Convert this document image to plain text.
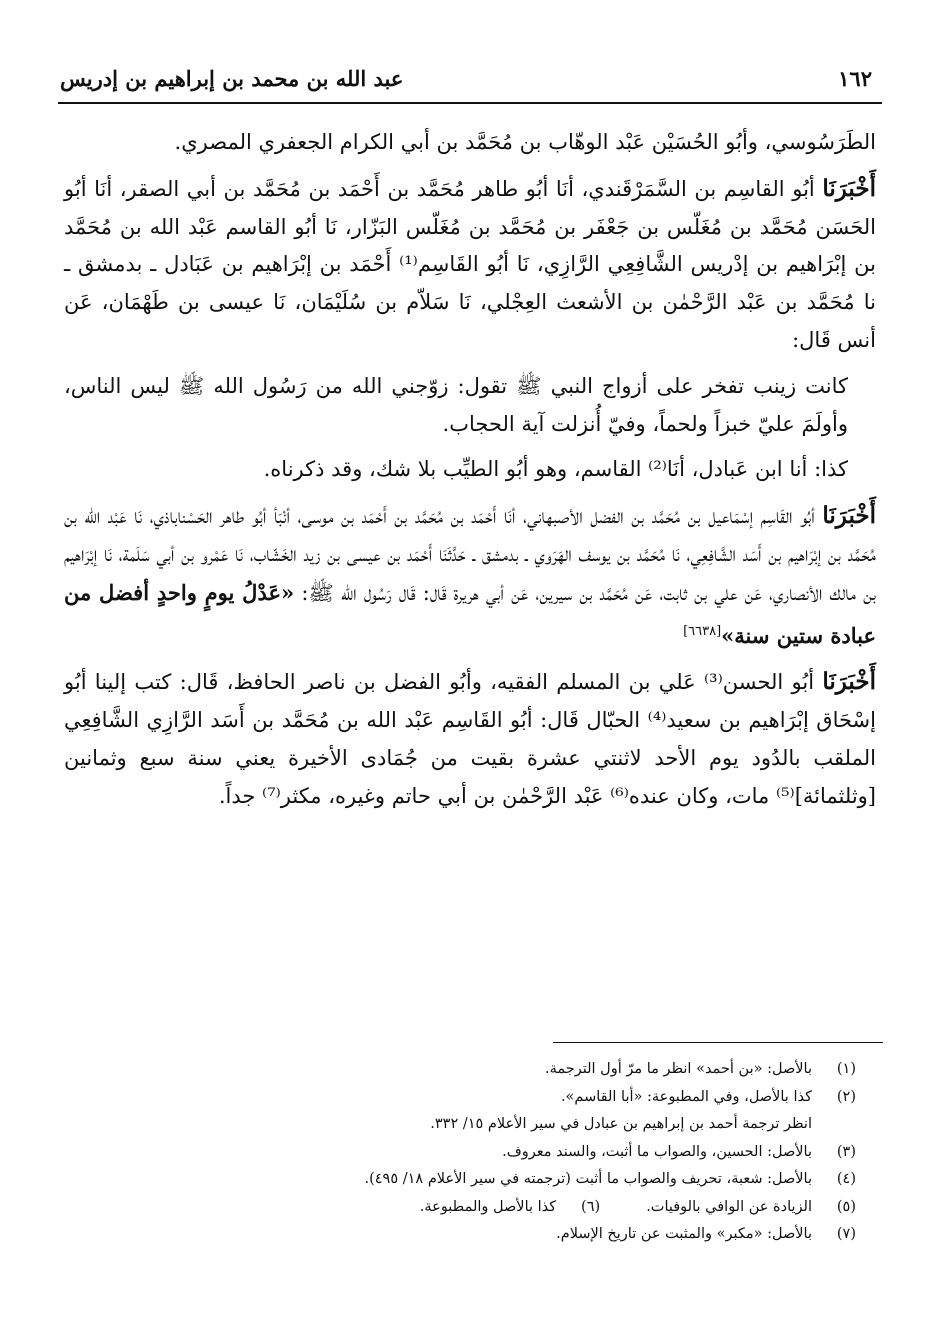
١٦٢
عبد الله بن محمد بن إبراهيم بن إدريس

الطَرَسُوسي، وأبُو الحُسَيْن عَبْد الوهّاب بن مُحَمَّد بن أبي الكرام الجعفري المصري.

أَخْبَرَنَا أبُو القاسِم بن السَّمَرْقَندي، أنَا أبُو طاهر مُحَمَّد بن أَحْمَد بن مُحَمَّد بن أبي الصقر، أنَا أبُو الحَسَن مُحَمَّد بن مُغَلّس بن جَعْفَر بن مُحَمَّد بن مُغَلّس البَزّار، نَا أبُو القاسم عَبْد الله بن مُحَمَّد بن إبْرَاهيم بن إدْريس الشَّافِعِي الرَّازِي، نَا أبُو القَاسِم⁽¹⁾ أَحْمَد بن إبْرَاهيم بن عَبَادل ـ بدمشق ـ نا مُحَمَّد بن عَبْد الرَّحْمٰن بن الأشعث العِجْلي، نَا سَلاّم بن سُلَيْمَان، نَا عيسى بن طَهْمَان، عَن أنس قَال:

كانت زينب تفخر على أزواج النبي ﷺ تقول: زوّجني الله من رَسُول الله ﷺ ليس الناس، وأولَمَ عليّ خبزاً ولحماً، وفيّ أُنزلت آية الحجاب.

كذا: أنا ابن عَبادل، أنَا⁽²⁾ القاسم، وهو أبُو الطيِّب بلا شك، وقد ذكرناه.

أَخْبَرَنَا أبُو القَاسِم إسْمَاعيل بن مُحَمَّد بن الفضل الأصبهاني، أنَا أَحْمَد بن مُحَمَّد بن أَحْمَد بن موسى، أنْبَأ أبُو طاهر الحَسْناباذي، نَا عَبْد الله بن مُحَمَّد بن إبْرَاهيم بن أَسَد الشَّافِعِي، نَا مُحَمَّد بن يوسف الهَرَوي ـ بدمشق ـ حَدَّثَنَا أَحْمَد بن عيسى بن زيد الخَشّاب، نَا عَمْرو بن أبي سَلَمة، نَا إبْرَاهيم بن مالك الأنصاري، عَن علي بن ثابت، عَن مُحَمَّد بن سيرين، عَن أبي هريرة قَال: قَال رَسُول الله ﷺ: «عَدْلُ يومٍ واحدٍ أفضل من عبادة ستين سنة»[٦٦٣٨]

أَخْبَرَنَا أبُو الحسن⁽³⁾ عَلي بن المسلم الفقيه، وأبُو الفضل بن ناصر الحافظ، قَال: كتب إلينا أبُو إسْحَاق إبْرَاهيم بن سعيد⁽⁴⁾ الحبّال قَال: أبُو القَاسِم عَبْد الله بن مُحَمَّد بن أَسَد الرَّازِي الشَّافِعِي الملقب بالدُود يوم الأحد لاثنتي عشرة بقيت من جُمَادى الأخيرة يعني سنة سبع وثمانين [وثلثمائة]⁽⁵⁾ مات، وكان عنده⁽⁶⁾ عَبْد الرَّحْمٰن بن أبي حاتم وغيره، مكثر⁽⁷⁾ جداً.

(١)
بالأصل: «بن أحمد» انظر ما مرّ أول الترجمة.
(٢)
كذا بالأصل، وفي المطبوعة: «أبا القاسم».
انظر ترجمة أحمد بن إبراهيم بن عبادل في سير الأعلام ١٥/ ٣٣٢.
(٣)
بالأصل: الحسين، والصواب ما أثبت، والسند معروف.
(٤)
بالأصل: شعبة، تحريف والصواب ما أثبت (ترجمته في سير الأعلام ١٨/ ٤٩٥).
(٥)
الزيادة عن الوافي بالوفيات.
(٦)
كذا بالأصل والمطبوعة.
(٧)
بالأصل: «مكبر» والمثبت عن تاريخ الإسلام.
